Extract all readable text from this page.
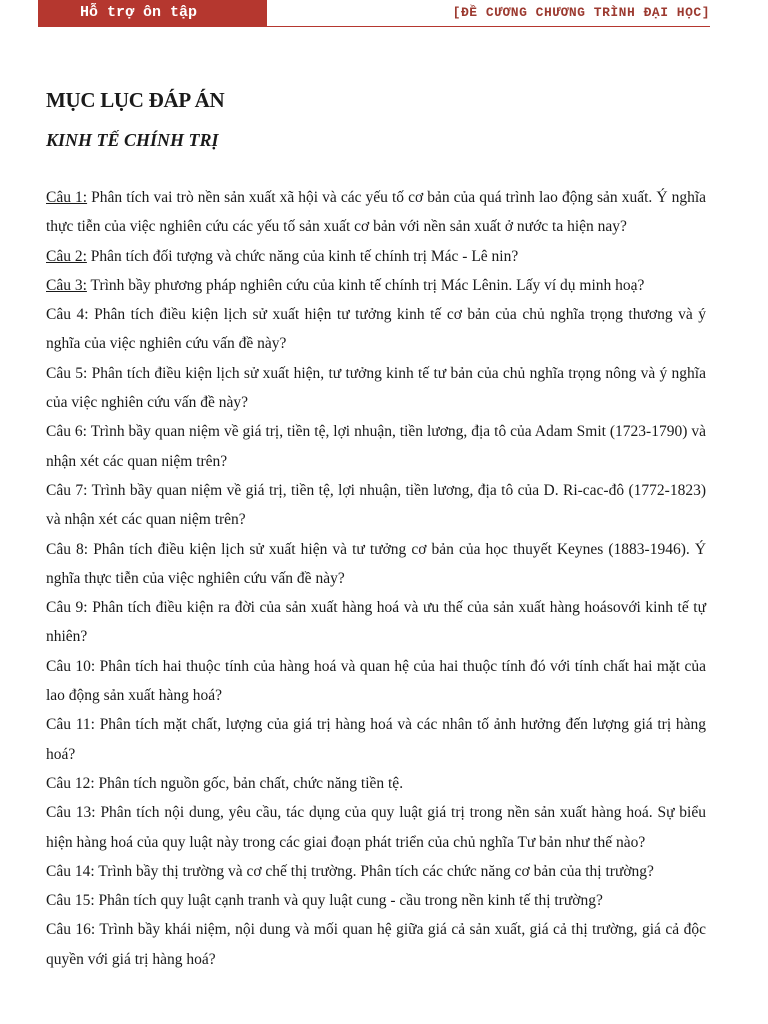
Hỗ trợ ôn tập	[ĐỀ CƯƠNG CHƯƠNG TRÌNH ĐẠI HỌC]
MỤC LỤC ĐÁP ÁN
KINH TẾ CHÍNH TRỊ

Câu 1: Phân tích vai trò nền sản xuất xã hội và các yếu tố cơ bản của quá trình lao động sản xuất. Ý nghĩa thực tiễn của việc nghiên cứu các yếu tố sản xuất cơ bản với nền sản xuất ở nước ta hiện nay?

Câu 2: Phân tích đối tượng và chức năng của kinh tế chính trị Mác - Lê nin?

Câu 3: Trình bầy phương pháp nghiên cứu của kinh tế chính trị Mác Lênin. Lấy ví dụ minh hoạ?

Câu 4: Phân tích điều kiện lịch sử xuất hiện tư tưởng kinh tế cơ bản của chủ nghĩa trọng thương và ý nghĩa của việc nghiên cứu vấn đề này?

Câu 5: Phân tích điều kiện lịch sử xuất hiện, tư tưởng kinh tế tư bản của chủ nghĩa trọng nông và ý nghĩa của việc nghiên cứu vấn đề này?

Câu 6: Trình bầy quan niệm về giá trị, tiền tệ, lợi nhuận, tiền lương, địa tô của Adam Smit (1723-1790) và nhận xét các quan niệm trên?

Câu 7: Trình bầy quan niệm về giá trị, tiền tệ, lợi nhuận, tiền lương, địa tô của D. Ri-cac-đô (1772-1823) và nhận xét các quan niệm trên?

Câu 8: Phân tích điều kiện lịch sử xuất hiện và tư tưởng cơ bản của học thuyết Keynes (1883-1946). Ý nghĩa thực tiễn của việc nghiên cứu vấn đề này?

Câu 9: Phân tích điều kiện ra đời của sản xuất hàng hoá và ưu thế của sản xuất hàng hoásovới kinh tế tự nhiên?

Câu 10: Phân tích hai thuộc tính của hàng hoá và quan hệ của hai thuộc tính đó với tính chất hai mặt của lao động sản xuất hàng hoá?

Câu 11: Phân tích mặt chất, lượng của giá trị hàng hoá và các nhân tố ảnh hưởng đến lượng giá trị hàng hoá?

Câu 12: Phân tích nguồn gốc, bản chất, chức năng tiền tệ.

Câu 13: Phân tích nội dung, yêu cầu, tác dụng của quy luật giá trị trong nền sản xuất hàng hoá. Sự biểu hiện hàng hoá của quy luật này trong các giai đoạn phát triển của chủ nghĩa Tư bản như thế nào?

Câu 14: Trình bầy thị trường và cơ chế thị trường. Phân tích các chức năng cơ bản của thị trường?

Câu 15: Phân tích quy luật cạnh tranh và quy luật cung - cầu trong nền kinh tế thị trường?

Câu 16: Trình bầy khái niệm, nội dung và mối quan hệ giữa giá cả sản xuất, giá cả thị trường, giá cả độc quyền với giá trị hàng hoá?
